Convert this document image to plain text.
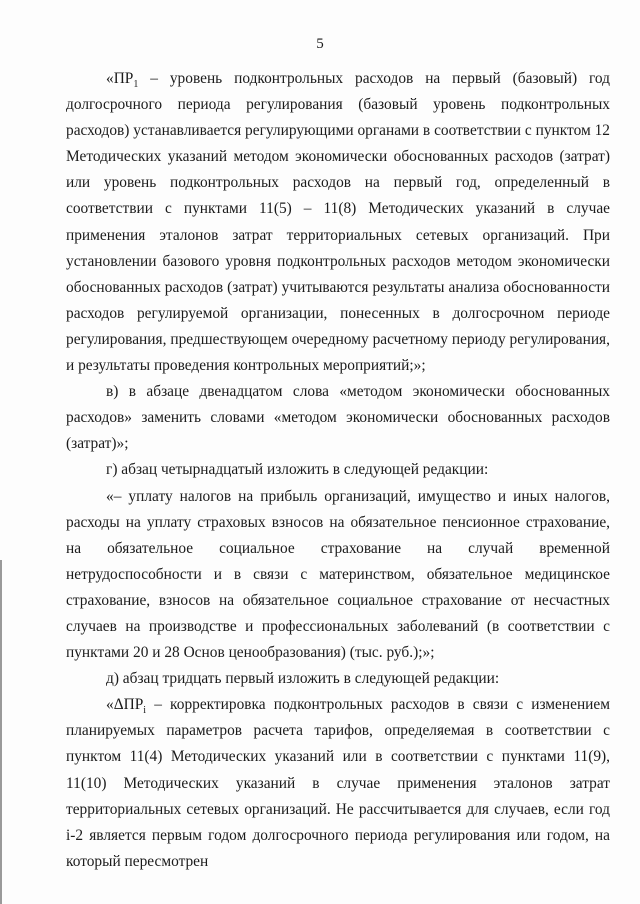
5

«$ПР_1$ – уровень подконтрольных расходов на первый (базовый) год долгосрочного периода регулирования (базовый уровень подконтрольных расходов) устанавливается регулирующими органами в соответствии с пунктом 12 Методических указаний методом экономически обоснованных расходов (затрат) или уровень подконтрольных расходов на первый год, определенный в соответствии с пунктами 11(5) – 11(8) Методических указаний в случае применения эталонов затрат территориальных сетевых организаций. При установлении базового уровня подконтрольных расходов методом экономически обоснованных расходов (затрат) учитываются результаты анализа обоснованности расходов регулируемой организации, понесенных в долгосрочном периоде регулирования, предшествующем очередному расчетному периоду регулирования, и результаты проведения контрольных мероприятий;»;

в) в абзаце двенадцатом слова «методом экономически обоснованных расходов» заменить словами «методом экономически обоснованных расходов (затрат)»;

г) абзац четырнадцатый изложить в следующей редакции:

«– уплату налогов на прибыль организаций, имущество и иных налогов, расходы на уплату страховых взносов на обязательное пенсионное страхование, на обязательное социальное страхование на случай временной нетрудоспособности и в связи с материнством, обязательное медицинское страхование, взносов на обязательное социальное страхование от несчастных случаев на производстве и профессиональных заболеваний (в соответствии с пунктами 20 и 28 Основ ценообразования) (тыс. руб.);»;

д) абзац тридцать первый изложить в следующей редакции:

«$\Delta ПР_i$ – корректировка подконтрольных расходов в связи с изменением планируемых параметров расчета тарифов, определяемая в соответствии с пунктом 11(4) Методических указаний или в соответствии с пунктами 11(9), 11(10) Методических указаний в случае применения эталонов затрат территориальных сетевых организаций. Не рассчитывается для случаев, если год i-2 является первым годом долгосрочного периода регулирования или годом, на который пересмотрен
